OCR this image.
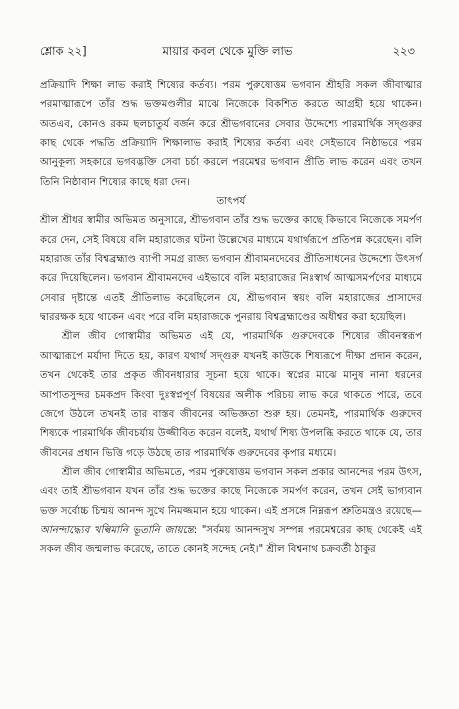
শ্লোক ২২]	মায়ার কবল থেকে মুক্তি লাভ	২২৩

প্রক্রিয়াদি শিক্ষা লাভ করাই শিষ্যের কর্তব্য। পরম পুরুষোত্তম ভগবান শ্রীহরি সকল জীবাত্মার পরমাত্মারূপে তাঁর শুদ্ধ ভক্তমণ্ডলীর মাঝে নিজেকে বিকশিত করতে আগ্রহী হয়ে থাকেন। অতএব, কোনও রকম ছলচাতুর্য বর্জন করে শ্রীভগবানের সেবার উদ্দেশ্যে পারমার্থিক সদ্গুরুর কাছ থেকে পদ্ধতি প্রক্রিয়াদি শিক্ষালাভ করাই শিষ্যের কর্তব্য এবং সেইভাবে নিষ্ঠাভরে পরম আনুকূল্য সহকারে ভগবদ্ভক্তি সেবা চর্চা করলে পরমেশ্বর ভগবান প্রীতি লাভ করেন এবং তখন তিনি নিষ্ঠাবান শিষ্যের কাছে ধরা দেন।

তাৎপর্য

শ্রীল শ্রীধর স্বামীর অভিমত অনুসারে, শ্রীভগবান তাঁর শুদ্ধ ভক্তের কাছে কিভাবে নিজেকে সমর্পণ করে দেন, সেই বিষয়ে বলি মহারাজের ঘটনা উল্লেখের মাধ্যমে যথার্থরূপে প্রতিপন্ন করেছেন। বলি মহারাজ তাঁর বিশ্বব্রহ্মাণ্ড ব্যাপী সমগ্র রাজ্য ভগবান শ্রীবামনদেবের প্রীতিসাধনের উদ্দেশ্যে উৎসর্গ করে দিয়েছিলেন। ভগবান শ্রীবামনদেব এইভাবে বলি মহারাজের নিঃস্বার্থ আত্মসমর্পণের মাধ্যমে সেবার দৃষ্টান্তে এতই প্রীতিলাভ করেছিলেন যে, শ্রীভগবান স্বয়ং বলি মহারাজের প্রাসাদের দ্বাররক্ষক হয়ে থাকেন এবং পরে বলি মহারাজকে পুনরায় বিশ্বব্রহ্মাণ্ডের অধীশ্বর করা হয়েছিল।

শ্রীল জীব গোস্বামীর অভিমত এই যে, পারমার্থিক গুরুদেবকে শিষ্যের জীবনস্বরূপ আত্মারূপে মর্যাদা দিতে হয়, কারণ যথার্থ সদ্গুরু যখনই কাউকে শিষ্যরূপে দীক্ষা প্রদান করেন, তখন থেকেই তার প্রকৃত জীবনধারার সূচনা হয়ে থাকে। স্বপ্নের মাঝে মানুষ নানা ধরনের আপাতসুন্দর চমকপ্রদ কিংবা দুঃস্বপ্নপূর্ণ বিষয়ের অলীক পরিচয় লাভ করে থাকতে পারে, তবে জেগে উঠলে তখনই তার বাস্তব জীবনের অভিজ্ঞতা শুরু হয়। তেমনই, পারমার্থিক গুরুদেব শিষ্যকে পারমার্থিক জীবচর্যায় উজ্জীবিত করেন বলেই, যথার্থ শিষ্য উপলব্ধি করতে থাকে যে, তার জীবনের প্রধান ভিত্তি গড়ে উঠছে তার পারমার্থিক গুরুদেবের কৃপার মধ্যমে।

শ্রীল জীব গোস্বামীর অভিমতে, পরম পুরুষোত্তম ভগবান সকল প্রকার আনন্দের পরম উৎস, এবং তাই শ্রীভগবান যখন তাঁর শুদ্ধ ভক্তের কাছে নিজেকে সমর্পণ করেন, তখন সেই ভাগ্যবান ভক্ত সর্বোচ্চ চিন্ময় আনন্দ সুখে নিমজ্জমান হয়ে থাকেন। এই প্রসঙ্গে নিম্নরূপ শ্রুতিমন্ত্রও রয়েছে—আনন্দাদ্ধ্যেব খল্বিমানি ভূতানি জায়ন্তে: "সর্বময় আনন্দসুখ সম্পন্ন পরমেশ্বরের কাছ থেকেই এই সকল জীব জন্মলাভ করেছে, তাতে কোনই সন্দেহ নেই।" শ্রীল বিশ্বনাথ চক্রবর্তী ঠাকুর
